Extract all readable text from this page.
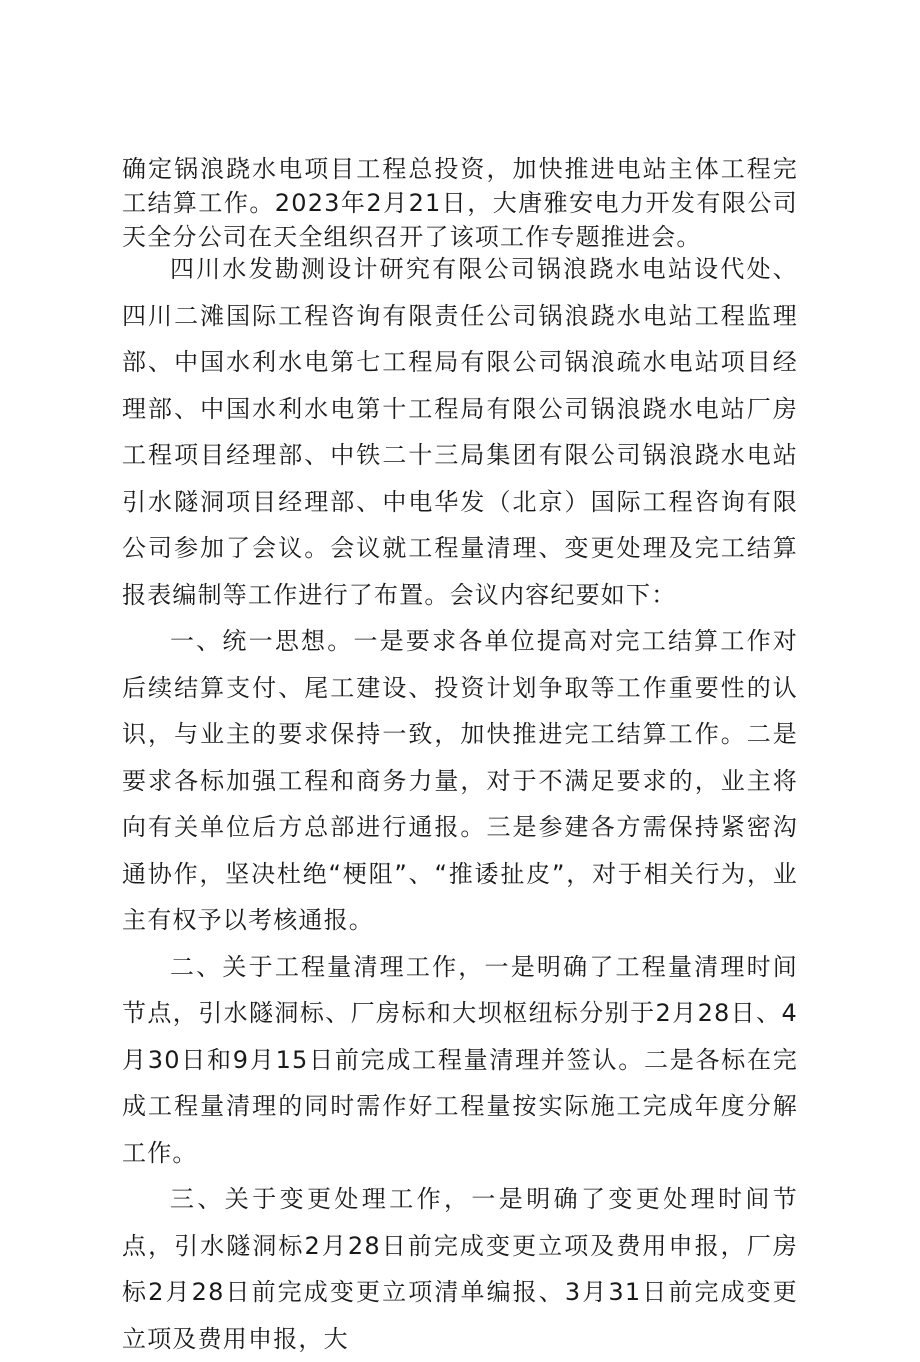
确定锅浪跷水电项目工程总投资，加快推进电站主体工程完工结算工作。2023年2月21日，大唐雅安电力开发有限公司天全分公司在天全组织召开了该项工作专题推进会。

四川水发勘测设计研究有限公司锅浪跷水电站设代处、四川二滩国际工程咨询有限责任公司锅浪跷水电站工程监理部、中国水利水电第七工程局有限公司锅浪疏水电站项目经理部、中国水利水电第十工程局有限公司锅浪跷水电站厂房工程项目经理部、中铁二十三局集团有限公司锅浪跷水电站引水隧洞项目经理部、中电华发（北京）国际工程咨询有限公司参加了会议。会议就工程量清理、变更处理及完工结算报表编制等工作进行了布置。会议内容纪要如下：

一、统一思想。一是要求各单位提高对完工结算工作对后续结算支付、尾工建设、投资计划争取等工作重要性的认识，与业主的要求保持一致，加快推进完工结算工作。二是要求各标加强工程和商务力量，对于不满足要求的，业主将向有关单位后方总部进行通报。三是参建各方需保持紧密沟通协作，坚决杜绝“梗阻”、“推诿扯皮”，对于相关行为，业主有权予以考核通报。

二、关于工程量清理工作，一是明确了工程量清理时间节点，引水隧洞标、厂房标和大坝枢纽标分别于2月28日、4月30日和9月15日前完成工程量清理并签认。二是各标在完成工程量清理的同时需作好工程量按实际施工完成年度分解工作。

三、关于变更处理工作，一是明确了变更处理时间节点，引水隧洞标2月28日前完成变更立项及费用申报，厂房标2月28日前完成变更立项清单编报、3月31日前完成变更立项及费用申报，大
